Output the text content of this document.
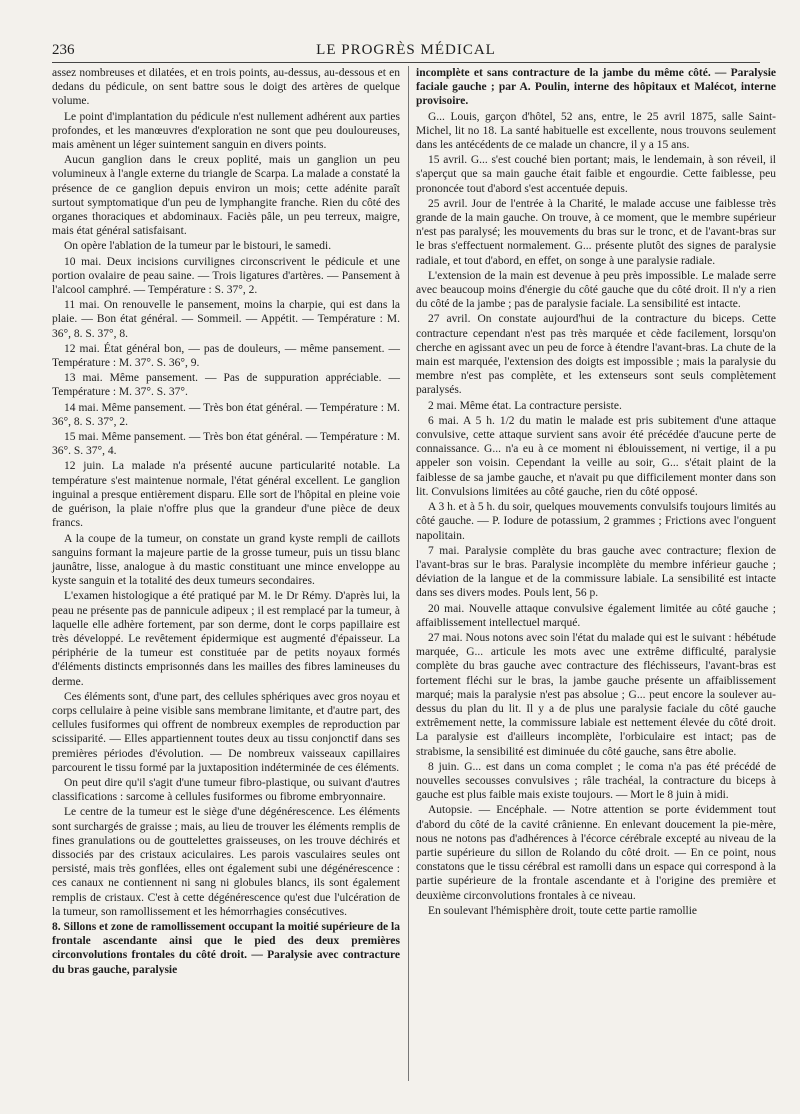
236	LE PROGRÈS MÉDICAL

assez nombreuses et dilatées, et en trois points, au-dessus, au-dessous et en dedans du pédicule, on sent battre sous le doigt des artères de quelque volume.

Le point d'implantation du pédicule n'est nullement adhérent aux parties profondes, et les manœuvres d'exploration ne sont que peu douloureuses, mais amènent un léger suintement sanguin en divers points.

Aucun ganglion dans le creux poplité, mais un ganglion un peu volumineux à l'angle externe du triangle de Scarpa. La malade a constaté la présence de ce ganglion depuis environ un mois; cette adénite paraît surtout symptomatique d'un peu de lymphangite franche. Rien du côté des organes thoraciques et abdominaux. Faciès pâle, un peu terreux, maigre, mais état général satisfaisant.

On opère l'ablation de la tumeur par le bistouri, le samedi.

10 mai. Deux incisions curvilignes circonscrivent le pédicule et une portion ovalaire de peau saine. — Trois ligatures d'artères. — Pansement à l'alcool camphré. — Température : S. 37°, 2.

11 mai. On renouvelle le pansement, moins la charpie, qui est dans la plaie. — Bon état général. — Sommeil. — Appétit. — Température : M. 36°, 8. S. 37°, 8.

12 mai. État général bon, — pas de douleurs, — même pansement. — Température : M. 37°. S. 36°, 9.

13 mai. Même pansement. — Pas de suppuration appréciable. — Température : M. 37°. S. 37°.

14 mai. Même pansement. — Très bon état général. — Température : M. 36°, 8. S. 37°, 2.

15 mai. Même pansement. — Très bon état général. — Température : M. 36°. S. 37°, 4.

12 juin. La malade n'a présenté aucune particularité notable. La température s'est maintenue normale, l'état général excellent. Le ganglion inguinal a presque entièrement disparu. Elle sort de l'hôpital en pleine voie de guérison, la plaie n'offre plus que la grandeur d'une pièce de deux francs.

A la coupe de la tumeur, on constate un grand kyste rempli de caillots sanguins formant la majeure partie de la grosse tumeur, puis un tissu blanc jaunâtre, lisse, analogue à du mastic constituant une mince enveloppe au kyste sanguin et la totalité des deux tumeurs secondaires.

L'examen histologique a été pratiqué par M. le Dr Rémy. D'après lui, la peau ne présente pas de pannicule adipeux ; il est remplacé par la tumeur, à laquelle elle adhère fortement, par son derme, dont le corps papillaire est très développé. Le revêtement épidermique est augmenté d'épaisseur. La périphérie de la tumeur est constituée par de petits noyaux formés d'éléments distincts emprisonnés dans les mailles des fibres lamineuses du derme.

Ces éléments sont, d'une part, des cellules sphériques avec gros noyau et corps cellulaire à peine visible sans membrane limitante, et d'autre part, des cellules fusiformes qui offrent de nombreux exemples de reproduction par scissiparité. — Elles appartiennent toutes deux au tissu conjonctif dans ses premières périodes d'évolution. — De nombreux vaisseaux capillaires parcourent le tissu formé par la juxtaposition indéterminée de ces éléments.

On peut dire qu'il s'agit d'une tumeur fibro-plastique, ou suivant d'autres classifications : sarcome à cellules fusiformes ou fibrome embryonnaire.

Le centre de la tumeur est le siège d'une dégénérescence. Les éléments sont surchargés de graisse ; mais, au lieu de trouver les éléments remplis de fines granulations ou de gouttelettes graisseuses, on les trouve déchirés et dissociés par des cristaux aciculaires. Les parois vasculaires seules ont persisté, mais très gonflées, elles ont également subi une dégénérescence : ces canaux ne contiennent ni sang ni globules blancs, ils sont également remplis de cristaux. C'est à cette dégénérescence qu'est due l'ulcération de la tumeur, son ramollissement et les hémorrhagies consécutives.

8. Sillons et zone de ramollissement occupant la moitié supérieure de la frontale ascendante ainsi que le pied des deux premières circonvolutions frontales du côté droit. — Paralysie avec contracture du bras gauche, paralysie

incomplète et sans contracture de la jambe du même côté. — Paralysie faciale gauche ; par A. Poulin, interne des hôpitaux et Malécot, interne provisoire.

G... Louis, garçon d'hôtel, 52 ans, entre, le 25 avril 1875, salle Saint-Michel, lit no 18. La santé habituelle est excellente, nous trouvons seulement dans les antécédents de ce malade un chancre, il y a 15 ans.

15 avril. G... s'est couché bien portant; mais, le lendemain, à son réveil, il s'aperçut que sa main gauche était faible et engourdie. Cette faiblesse, peu prononcée tout d'abord s'est accentuée depuis.

25 avril. Jour de l'entrée à la Charité, le malade accuse une faiblesse très grande de la main gauche. On trouve, à ce moment, que le membre supérieur n'est pas paralysé; les mouvements du bras sur le tronc, et de l'avant-bras sur le bras s'effectuent normalement. G... présente plutôt des signes de paralysie radiale, et tout d'abord, en effet, on songe à une paralysie radiale.

L'extension de la main est devenue à peu près impossible. Le malade serre avec beaucoup moins d'énergie du côté gauche que du côté droit. Il n'y a rien du côté de la jambe ; pas de paralysie faciale. La sensibilité est intacte.

27 avril. On constate aujourd'hui de la contracture du biceps. Cette contracture cependant n'est pas très marquée et cède facilement, lorsqu'on cherche en agissant avec un peu de force à étendre l'avant-bras. La chute de la main est marquée, l'extension des doigts est impossible ; mais la paralysie du membre n'est pas complète, et les extenseurs sont seuls complètement paralysés.

2 mai. Même état. La contracture persiste.

6 mai. A 5 h. 1/2 du matin le malade est pris subitement d'une attaque convulsive, cette attaque survient sans avoir été précédée d'aucune perte de connaissance. G... n'a eu à ce moment ni éblouissement, ni vertige, il a pu appeler son voisin. Cependant la veille au soir, G... s'était plaint de la faiblesse de sa jambe gauche, et n'avait pu que difficilement monter dans son lit. Convulsions limitées au côté gauche, rien du côté opposé.

A 3 h. et à 5 h. du soir, quelques mouvements convulsifs toujours limités au côté gauche. — P. Iodure de potassium, 2 grammes ; Frictions avec l'onguent napolitain.

7 mai. Paralysie complète du bras gauche avec contracture; flexion de l'avant-bras sur le bras. Paralysie incomplète du membre inférieur gauche ; déviation de la langue et de la commissure labiale. La sensibilité est intacte dans ses divers modes. Pouls lent, 56 p.

20 mai. Nouvelle attaque convulsive également limitée au côté gauche ; affaiblissement intellectuel marqué.

27 mai. Nous notons avec soin l'état du malade qui est le suivant : hébétude marquée, G... articule les mots avec une extrême difficulté, paralysie complète du bras gauche avec contracture des fléchisseurs, l'avant-bras est fortement fléchi sur le bras, la jambe gauche présente un affaiblissement marqué; mais la paralysie n'est pas absolue ; G... peut encore la soulever au-dessus du plan du lit. Il y a de plus une paralysie faciale du côté gauche extrêmement nette, la commissure labiale est nettement élevée du côté droit. La paralysie est d'ailleurs incomplète, l'orbiculaire est intact; pas de strabisme, la sensibilité est diminuée du côté gauche, sans être abolie.

8 juin. G... est dans un coma complet ; le coma n'a pas été précédé de nouvelles secousses convulsives ; râle trachéal, la contracture du biceps à gauche est plus faible mais existe toujours. — Mort le 8 juin à midi.

Autopsie. — Encéphale. — Notre attention se porte évidemment tout d'abord du côté de la cavité crânienne. En enlevant doucement la pie-mère, nous ne notons pas d'adhérences à l'écorce cérébrale excepté au niveau de la partie supérieure du sillon de Rolando du côté droit. — En ce point, nous constatons que le tissu cérébral est ramolli dans un espace qui correspond à la partie supérieure de la frontale ascendante et à l'origine des première et deuxième circonvolutions frontales à ce niveau.

En soulevant l'hémisphère droit, toute cette partie ramollie
